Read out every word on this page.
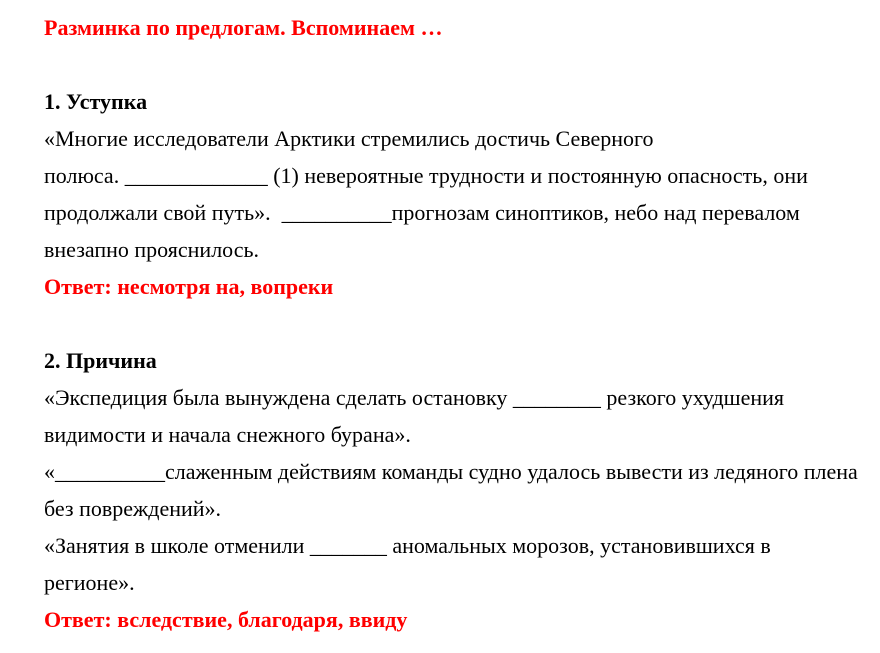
Разминка по предлогам. Вспоминаем …
1. Уступка
«Многие исследователи Арктики стремились достичь Северного
полюса. _____________ (1) невероятные трудности и постоянную опасность, они
продолжали свой путь».  __________прогнозам синоптиков, небо над перевалом
внезапно прояснилось.
Ответ: несмотря на, вопреки
2. Причина
«Экспедиция была вынуждена сделать остановку ________ резкого ухудшения
видимости и начала снежного бурана».
«__________слаженным действиям команды судно удалось вывести из ледяного плена
без повреждений».
«Занятия в школе отменили _______ аномальных морозов, установившихся в
регионе».
Ответ: вследствие, благодаря, ввиду
